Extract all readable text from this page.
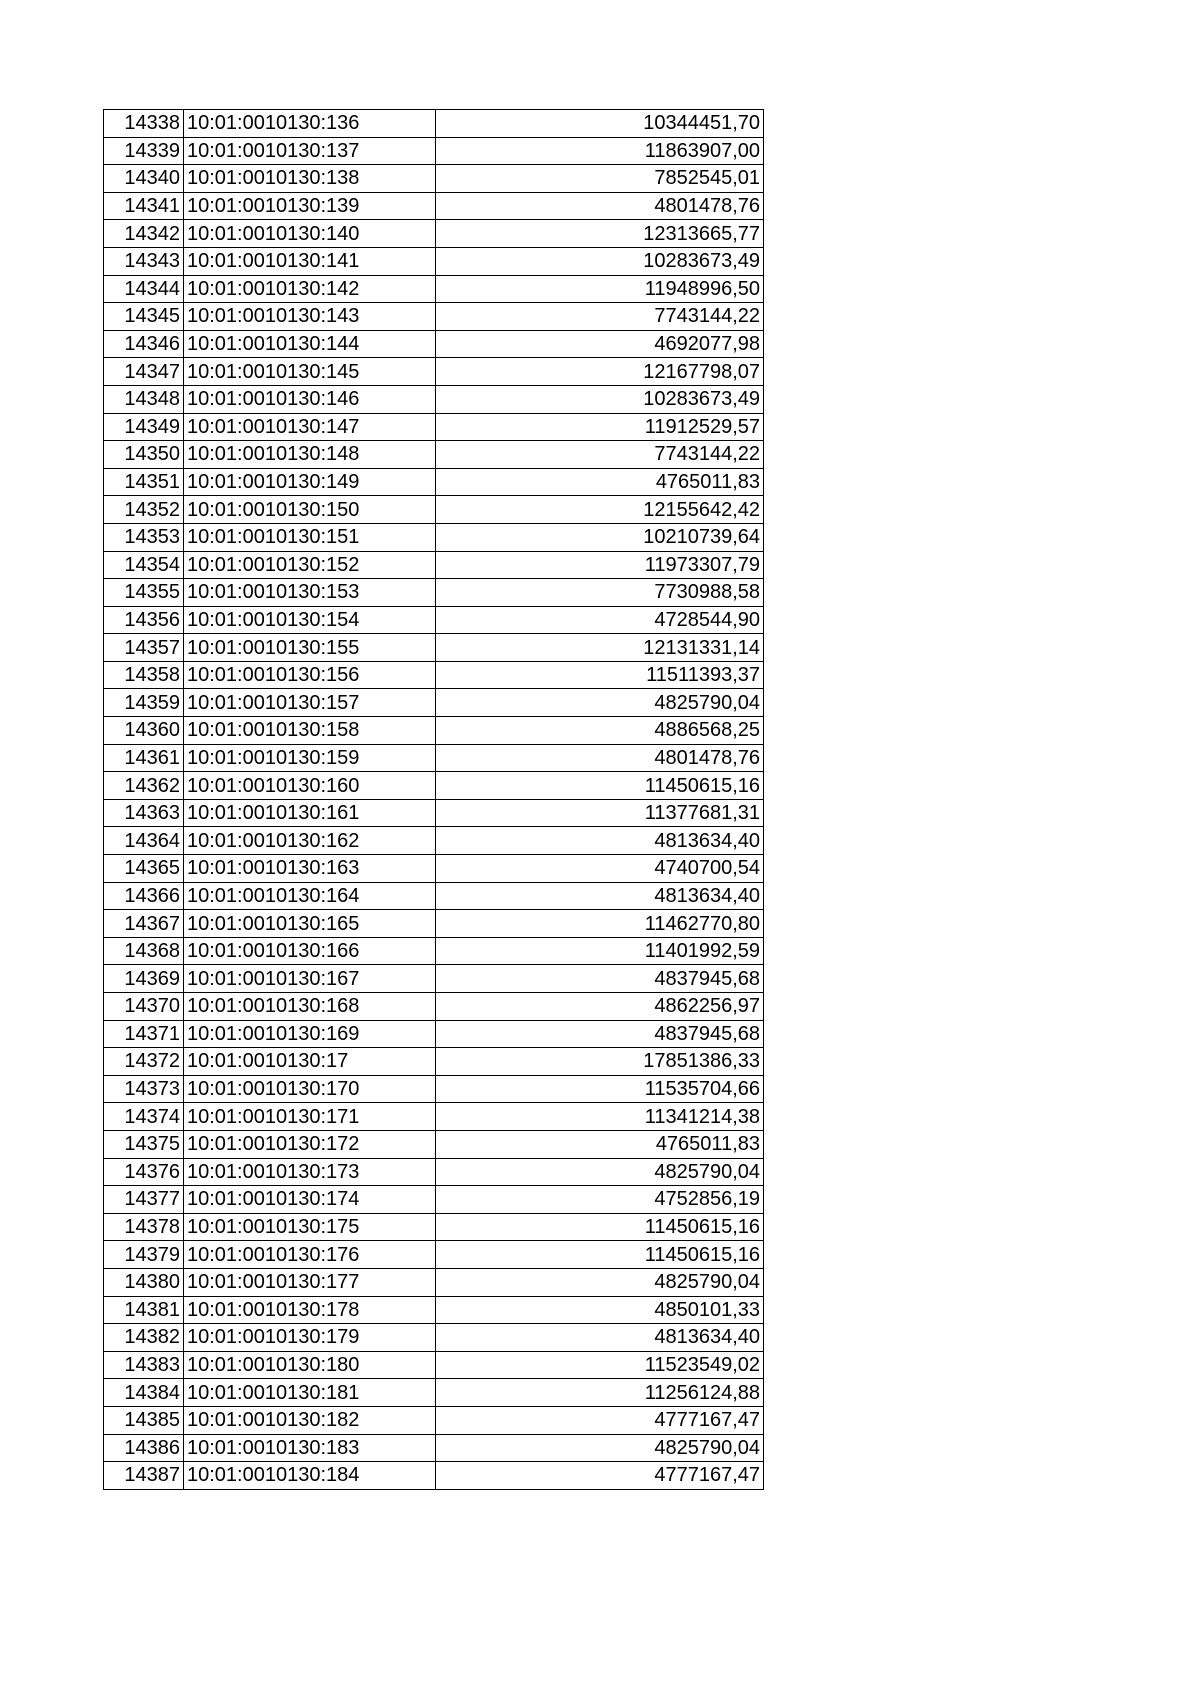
14338	10:01:0010130:136	10344451,70
14339	10:01:0010130:137	11863907,00
14340	10:01:0010130:138	7852545,01
14341	10:01:0010130:139	4801478,76
14342	10:01:0010130:140	12313665,77
14343	10:01:0010130:141	10283673,49
14344	10:01:0010130:142	11948996,50
14345	10:01:0010130:143	7743144,22
14346	10:01:0010130:144	4692077,98
14347	10:01:0010130:145	12167798,07
14348	10:01:0010130:146	10283673,49
14349	10:01:0010130:147	11912529,57
14350	10:01:0010130:148	7743144,22
14351	10:01:0010130:149	4765011,83
14352	10:01:0010130:150	12155642,42
14353	10:01:0010130:151	10210739,64
14354	10:01:0010130:152	11973307,79
14355	10:01:0010130:153	7730988,58
14356	10:01:0010130:154	4728544,90
14357	10:01:0010130:155	12131331,14
14358	10:01:0010130:156	11511393,37
14359	10:01:0010130:157	4825790,04
14360	10:01:0010130:158	4886568,25
14361	10:01:0010130:159	4801478,76
14362	10:01:0010130:160	11450615,16
14363	10:01:0010130:161	11377681,31
14364	10:01:0010130:162	4813634,40
14365	10:01:0010130:163	4740700,54
14366	10:01:0010130:164	4813634,40
14367	10:01:0010130:165	11462770,80
14368	10:01:0010130:166	11401992,59
14369	10:01:0010130:167	4837945,68
14370	10:01:0010130:168	4862256,97
14371	10:01:0010130:169	4837945,68
14372	10:01:0010130:17	17851386,33
14373	10:01:0010130:170	11535704,66
14374	10:01:0010130:171	11341214,38
14375	10:01:0010130:172	4765011,83
14376	10:01:0010130:173	4825790,04
14377	10:01:0010130:174	4752856,19
14378	10:01:0010130:175	11450615,16
14379	10:01:0010130:176	11450615,16
14380	10:01:0010130:177	4825790,04
14381	10:01:0010130:178	4850101,33
14382	10:01:0010130:179	4813634,40
14383	10:01:0010130:180	11523549,02
14384	10:01:0010130:181	11256124,88
14385	10:01:0010130:182	4777167,47
14386	10:01:0010130:183	4825790,04
14387	10:01:0010130:184	4777167,47
